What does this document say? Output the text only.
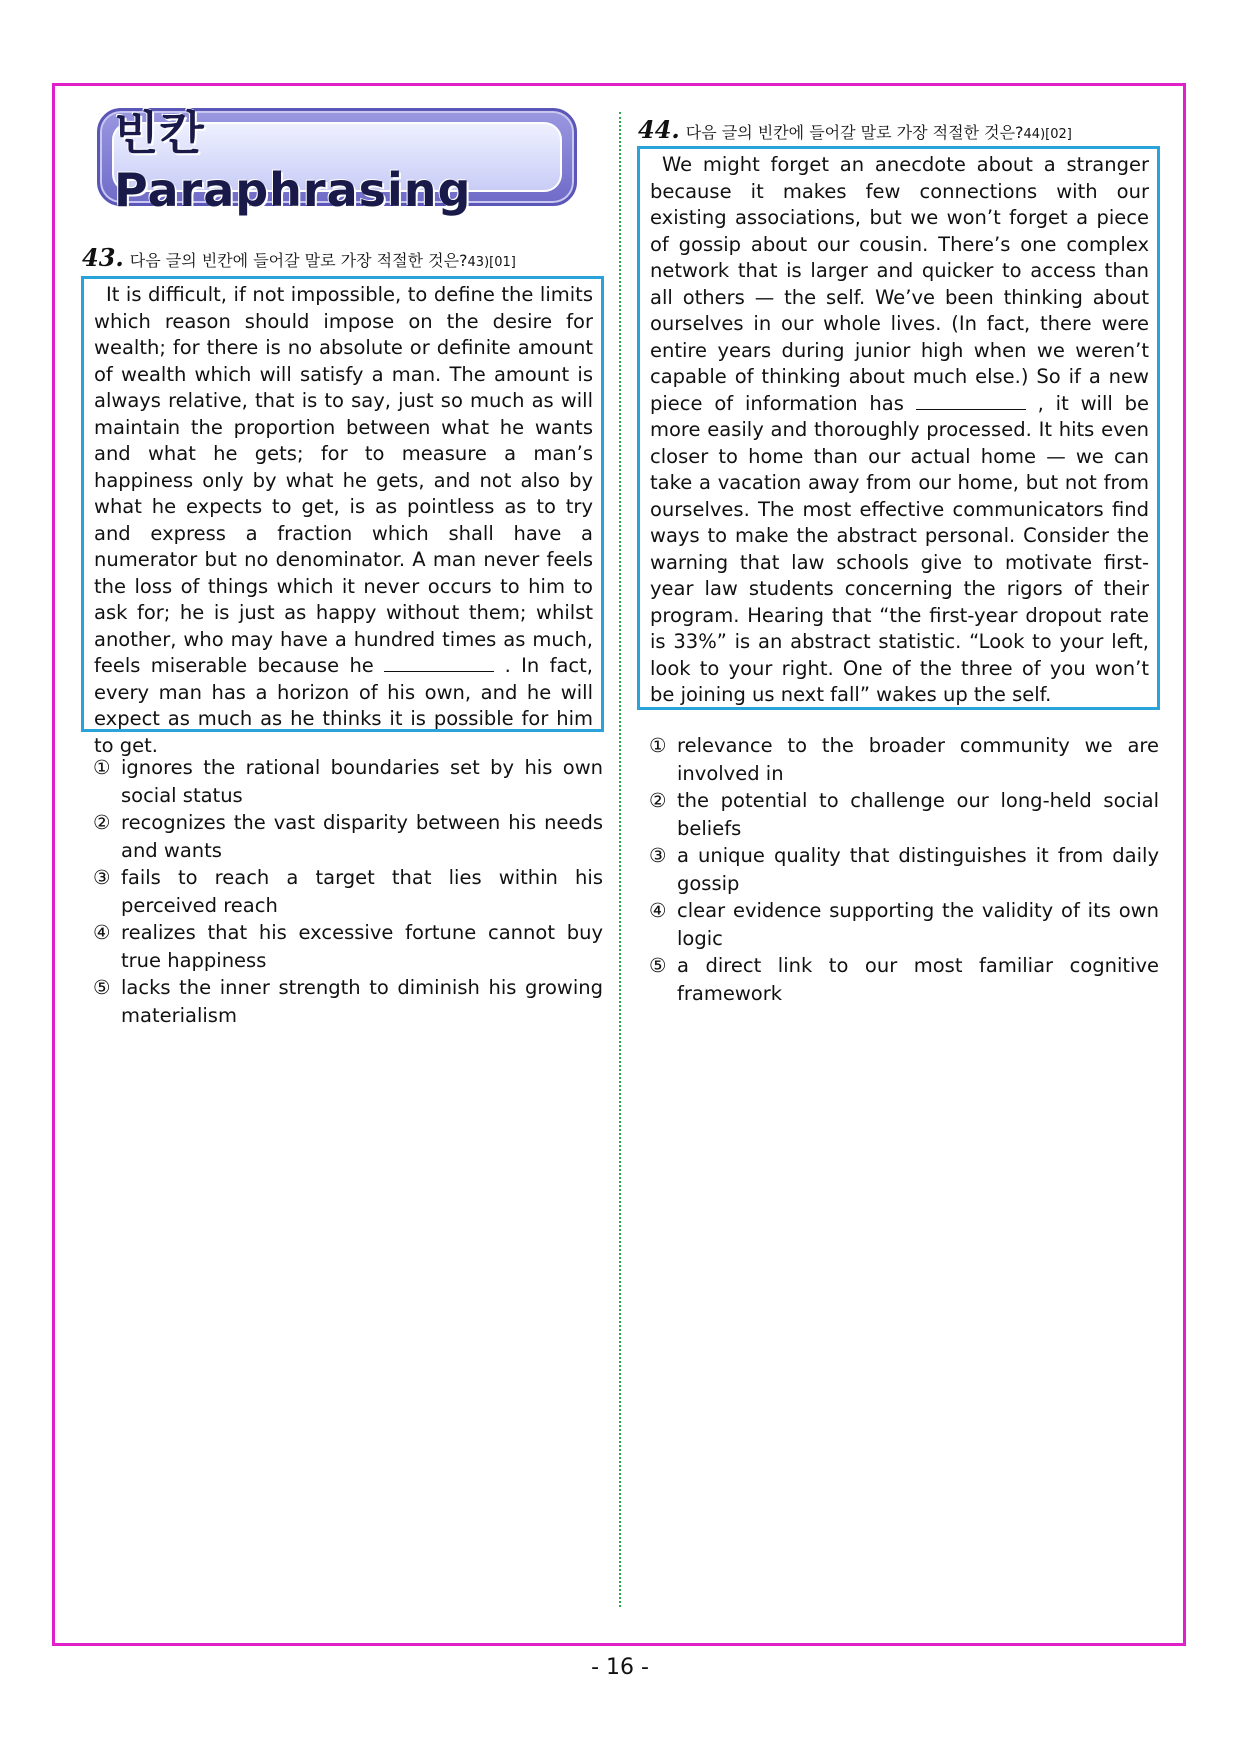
빈칸 Paraphrasing
43. 다음 글의 빈칸에 들어갈 말로 가장 적절한 것은? 43)[01]

It is difficult, if not impossible, to define the limits which reason should impose on the desire for wealth; for there is no absolute or definite amount of wealth which will satisfy a man. The amount is always relative, that is to say, just so much as will maintain the proportion between what he wants and what he gets; for to measure a man’s happiness only by what he gets, and not also by what he expects to get, is as pointless as to try and express a fraction which shall have a numerator but no denominator. A man never feels the loss of things which it never occurs to him to ask for; he is just as happy without them; whilst another, who may have a hundred times as much, feels miserable because he	. In fact, every man has a horizon of his own, and he will expect as much as he thinks it is possible for him to get.

① ignores the rational boundaries set by his own social status
② recognizes the vast disparity between his needs and wants
③ fails to reach a target that lies within his perceived reach
④ realizes that his excessive fortune cannot buy true happiness
⑤ lacks the inner strength to diminish his growing materialism
44. 다음 글의 빈칸에 들어갈 말로 가장 적절한 것은? 44)[02]

We might forget an anecdote about a stranger because it makes few connections with our existing associations, but we won’t forget a piece of gossip about our cousin. There’s one complex network that is larger and quicker to access than all others — the self. We’ve been thinking about ourselves in our whole lives. (In fact, there were entire years during junior high when we weren’t capable of thinking about much else.) So if a new piece of information has	, it will be more easily and thoroughly processed. It hits even closer to home than our actual home — we can take a vacation away from our home, but not from ourselves. The most effective communicators find ways to make the abstract personal. Consider the warning that law schools give to motivate first-year law students concerning the rigors of their program. Hearing that “the first-year dropout rate is 33%” is an abstract statistic. “Look to your left, look to your right. One of the three of you won’t be joining us next fall” wakes up the self.

① relevance to the broader community we are involved in
② the potential to challenge our long-held social beliefs
③ a unique quality that distinguishes it from daily gossip
④ clear evidence supporting the validity of its own logic
⑤ a direct link to our most familiar cognitive framework
- 16 -
